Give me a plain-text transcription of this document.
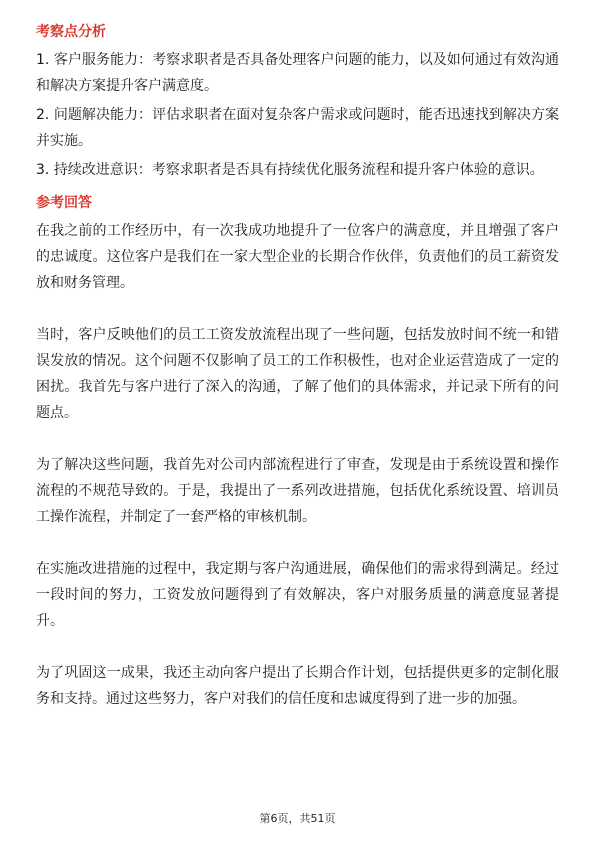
考察点分析
1. 客户服务能力：考察求职者是否具备处理客户问题的能力，以及如何通过有效沟通和解决方案提升客户满意度。
2. 问题解决能力：评估求职者在面对复杂客户需求或问题时，能否迅速找到解决方案并实施。
3. 持续改进意识：考察求职者是否具有持续优化服务流程和提升客户体验的意识。
参考回答
在我之前的工作经历中，有一次我成功地提升了一位客户的满意度，并且增强了客户的忠诚度。这位客户是我们在一家大型企业的长期合作伙伴，负责他们的员工薪资发放和财务管理。
当时，客户反映他们的员工工资发放流程出现了一些问题，包括发放时间不统一和错误发放的情况。这个问题不仅影响了员工的工作积极性，也对企业运营造成了一定的困扰。我首先与客户进行了深入的沟通，了解了他们的具体需求，并记录下所有的问题点。
为了解决这些问题，我首先对公司内部流程进行了审查，发现是由于系统设置和操作流程的不规范导致的。于是，我提出了一系列改进措施，包括优化系统设置、培训员工操作流程，并制定了一套严格的审核机制。
在实施改进措施的过程中，我定期与客户沟通进展，确保他们的需求得到满足。经过一段时间的努力，工资发放问题得到了有效解决，客户对服务质量的满意度显著提升。
为了巩固这一成果，我还主动向客户提出了长期合作计划，包括提供更多的定制化服务和支持。通过这些努力，客户对我们的信任度和忠诚度得到了进一步的加强。
第6页，共51页
